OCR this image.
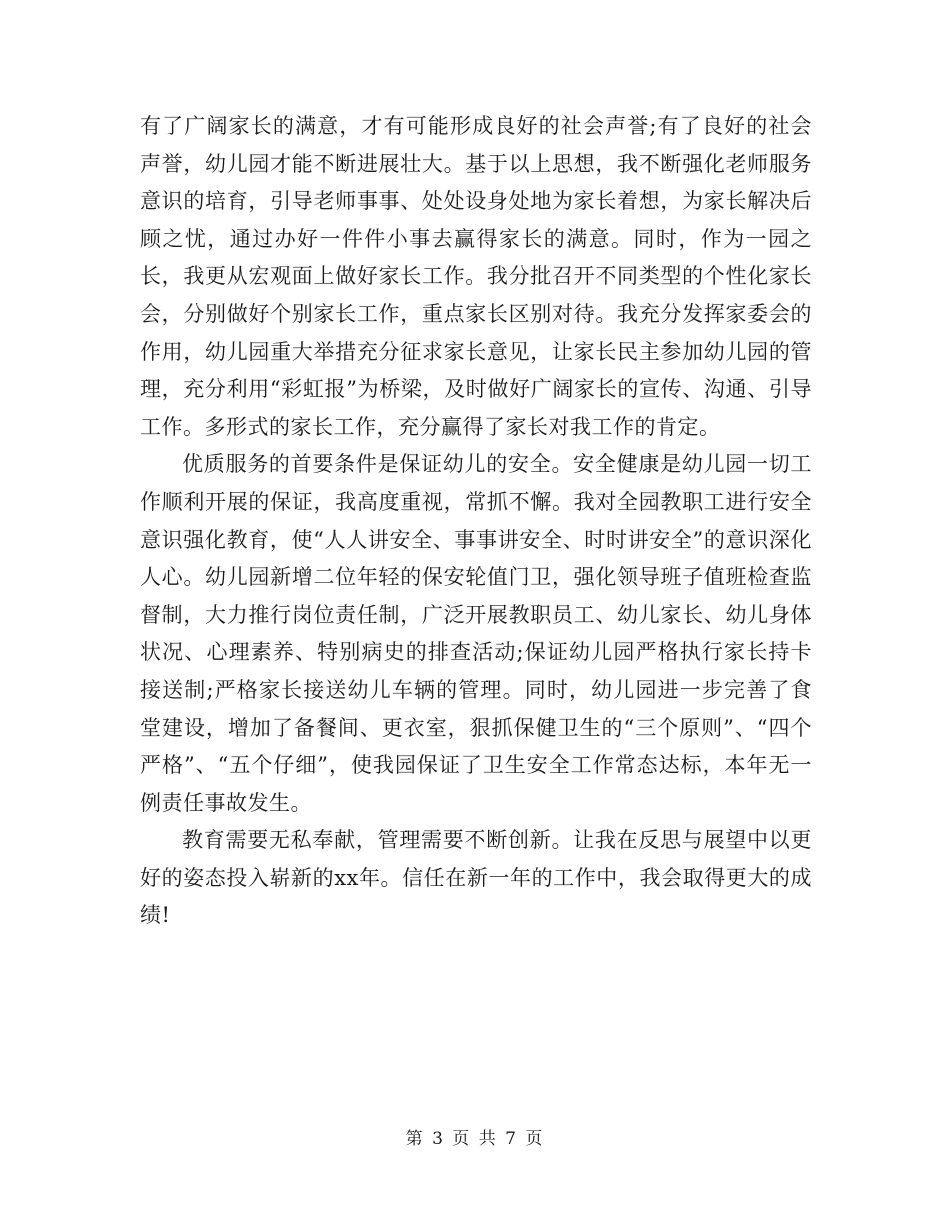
有了广阔家长的满意，才有可能形成良好的社会声誉;有了良好的社会声誉，幼儿园才能不断进展壮大。基于以上思想，我不断强化老师服务意识的培育，引导老师事事、处处设身处地为家长着想，为家长解决后顾之忧，通过办好一件件小事去赢得家长的满意。同时，作为一园之长，我更从宏观面上做好家长工作。我分批召开不同类型的个性化家长会，分别做好个别家长工作，重点家长区别对待。我充分发挥家委会的作用，幼儿园重大举措充分征求家长意见，让家长民主参加幼儿园的管理，充分利用“彩虹报”为桥梁，及时做好广阔家长的宣传、沟通、引导工作。多形式的家长工作，充分赢得了家长对我工作的肯定。

优质服务的首要条件是保证幼儿的安全。安全健康是幼儿园一切工作顺利开展的保证，我高度重视，常抓不懈。我对全园教职工进行安全意识强化教育，使“人人讲安全、事事讲安全、时时讲安全”的意识深化人心。幼儿园新增二位年轻的保安轮值门卫，强化领导班子值班检查监督制，大力推行岗位责任制，广泛开展教职员工、幼儿家长、幼儿身体状况、心理素养、特别病史的排查活动;保证幼儿园严格执行家长持卡接送制;严格家长接送幼儿车辆的管理。同时，幼儿园进一步完善了食堂建设，增加了备餐间、更衣室，狠抓保健卫生的“三个原则”、“四个严格”、“五个仔细”，使我园保证了卫生安全工作常态达标，本年无一例责任事故发生。

教育需要无私奉献，管理需要不断创新。让我在反思与展望中以更好的姿态投入崭新的xx年。信任在新一年的工作中，我会取得更大的成绩!

第 3 页 共 7 页
